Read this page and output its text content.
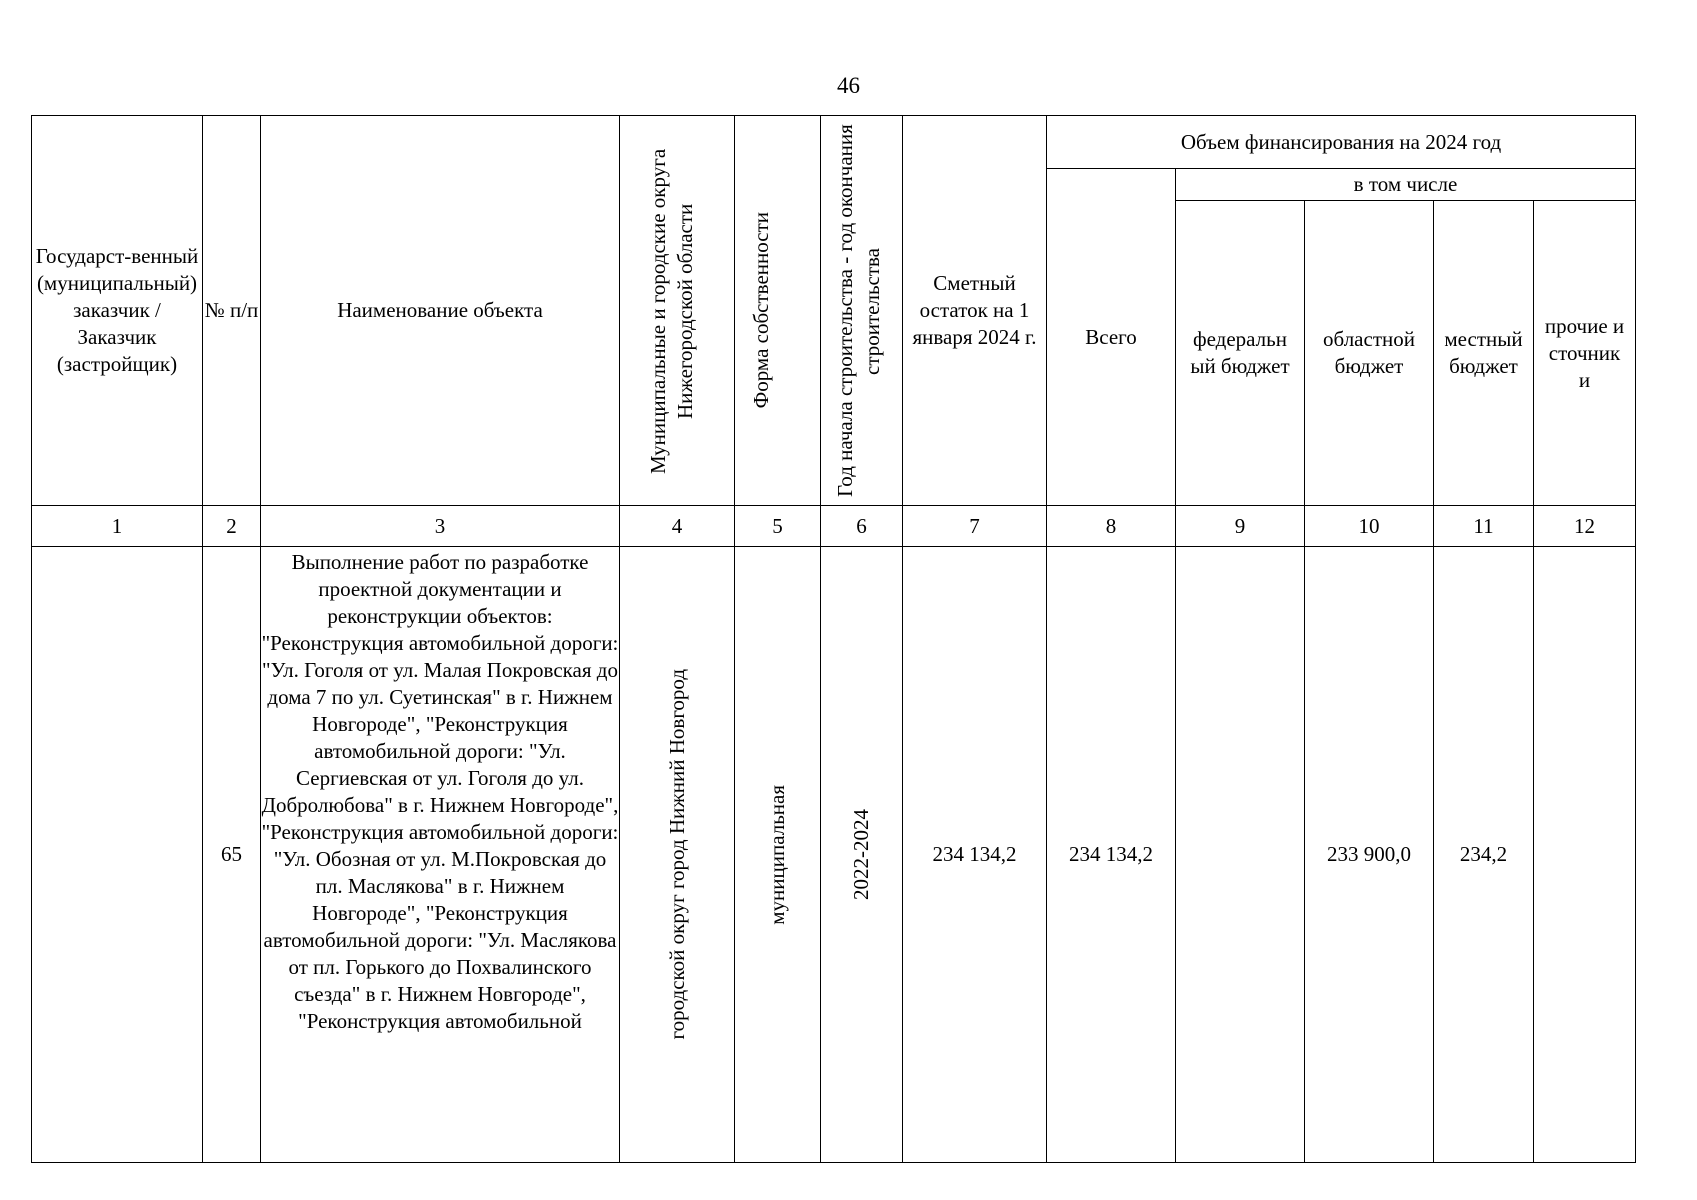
46
Государст-венный (муниципальный) заказчик / Заказчик (застройщик)	№ п/п	Наименование объекта	Муниципальные и городские округа Нижегородской области	Форма собственности	Год начала строительства - год окончания строительства	Сметный остаток на 1 января 2024 г.	Объем финансирования на 2024 год				
							Всего	в том числе			
								федеральный бюджет	областной бюджет	местный бюджет	прочие источники
1	2	3	4	5	6	7	8	9	10	11	12
	65	Выполнение работ по разработке проектной документации и реконструкции объектов: "Реконструкция автомобильной дороги: "Ул. Гоголя от ул. Малая Покровская до дома 7 по ул. Суетинская" в г. Нижнем Новгороде", "Реконструкция автомобильной дороги: "Ул. Сергиевская от ул. Гоголя до ул. Добролюбова" в г. Нижнем Новгороде", "Реконструкция автомобильной дороги: "Ул. Обозная от ул. М.Покровская до пл. Маслякова" в г. Нижнем Новгороде", "Реконструкция автомобильной дороги: "Ул. Маслякова от пл. Горького до Похвалинского съезда" в г. Нижнем Новгороде", "Реконструкция автомобильной	городской округ город Нижний Новгород	муниципальная	2022-2024	234 134,2	234 134,2		233 900,0	234,2	
